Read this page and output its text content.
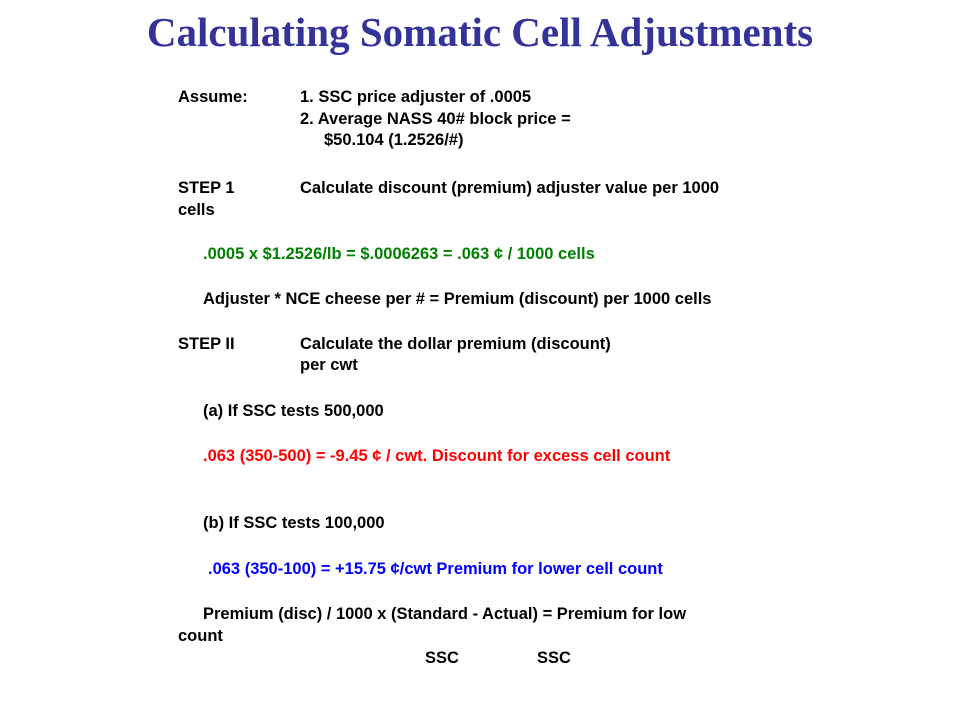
Calculating Somatic Cell Adjustments
Assume:	1. SSC price adjuster of .0005
2. Average NASS 40# block price =
$50.104 (1.2526/#)
STEP 1	Calculate discount (premium) adjuster value per 1000
cells
.0005 x $1.2526/lb = $.0006263 = .063 ¢ / 1000 cells
Adjuster * NCE cheese per # = Premium (discount) per 1000 cells
STEP II	Calculate the dollar premium (discount)
per cwt
(a) If SSC tests 500,000
.063 (350-500) = -9.45 ¢ / cwt. Discount for excess cell count
(b) If SSC tests 100,000
.063 (350-100) = +15.75 ¢/cwt Premium for lower cell count
Premium (disc) / 1000 x (Standard - Actual) = Premium for low
count
SSC	SSC
